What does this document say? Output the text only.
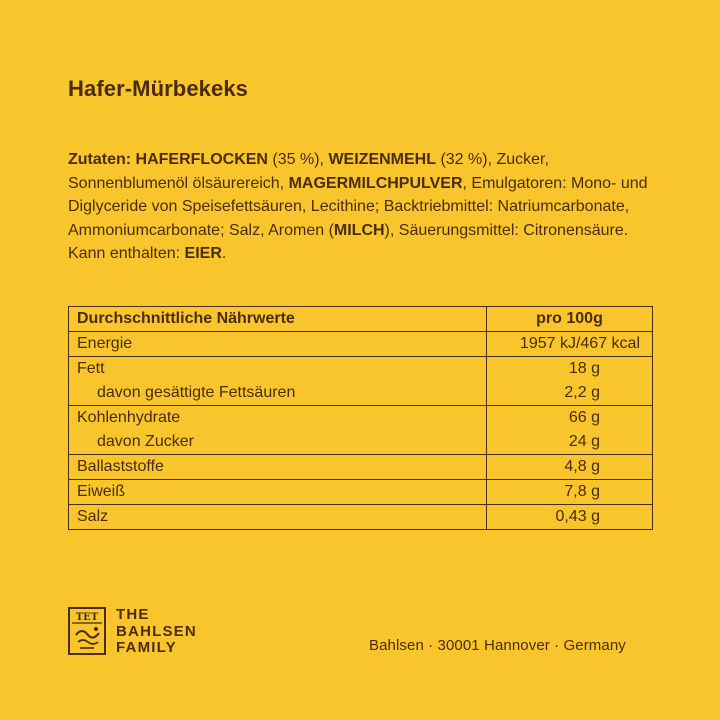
Hafer-Mürbekeks
Zutaten: HAFERFLOCKEN (35 %), WEIZENMEHL (32 %), Zucker, Sonnenblumenöl ölsäurereich, MAGERMILCHPULVER, Emulgatoren: Mono- und Diglyceride von Speisefettsäuren, Lecithine; Backtriebmittel: Natriumcarbonate, Ammoniumcarbonate; Salz, Aromen (MILCH), Säuerungsmittel: Citronensäure. Kann enthalten: EIER.
Durchschnittliche Nährwerte	pro 100g
Energie	1957 kJ/467 kcal
Fett	18 g
davon gesättigte Fettsäuren	2,2 g
Kohlenhydrate	66 g
davon Zucker	24 g
Ballaststoffe	4,8 g
Eiweiß	7,8 g
Salz	0,43 g
TET THE
BAHLSEN
FAMILY	Bahlsen · 30001 Hannover · Germany
